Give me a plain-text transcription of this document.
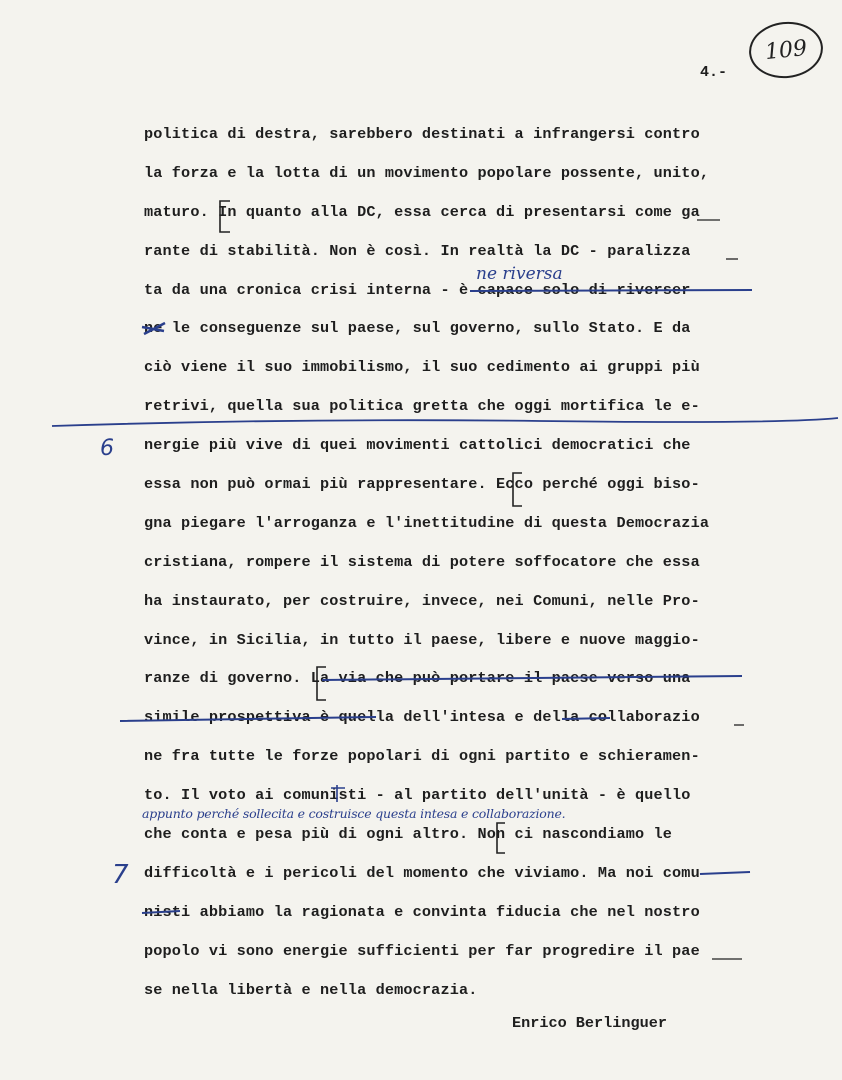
109
4.-
politica di destra, sarebbero destinati a infrangersi contro
la forza e la lotta di un movimento popolare possente, unito,
maturo. In quanto alla DC, essa cerca di presentarsi come ga
rante di stabilità. Non è così. In realtà la DC - paralizza
ta da una cronica crisi interna - è capace solo di riverser
ne le conseguenze sul paese, sul governo, sullo Stato. E da
ciò viene il suo immobilismo, il suo cedimento ai gruppi più
retrivi, quella sua politica gretta che oggi mortifica le e-
nergie più vive di quei movimenti cattolici democratici che
essa non può ormai più rappresentare. Ecco perché oggi biso-
gna piegare l'arroganza e l'inettitudine di questa Democrazia
cristiana, rompere il sistema di potere soffocatore che essa
ha instaurato, per costruire, invece, nei Comuni, nelle Pro-
vince, in Sicilia, in tutto il paese, libere e nuove maggio-
ranze di governo. La via che può portare il paese verso una
simile prospettiva è quella dell'intesa e della collaborazio
ne fra tutte le forze popolari di ogni partito e schieramen-
to. Il voto ai comunisti - al partito dell'unità - è quello
che conta e pesa più di ogni altro. Non ci nascondiamo le
difficoltà e i pericoli del momento che viviamo. Ma noi comu
nisti abbiamo la ragionata e convinta fiducia che nel nostro
popolo vi sono energie sufficienti per far progredire il pae
se nella libertà e nella democrazia.
Enrico Berlinguer
ne riversa
appunto perché sollecita e costruisce questa intesa e collaborazione.
6
7
